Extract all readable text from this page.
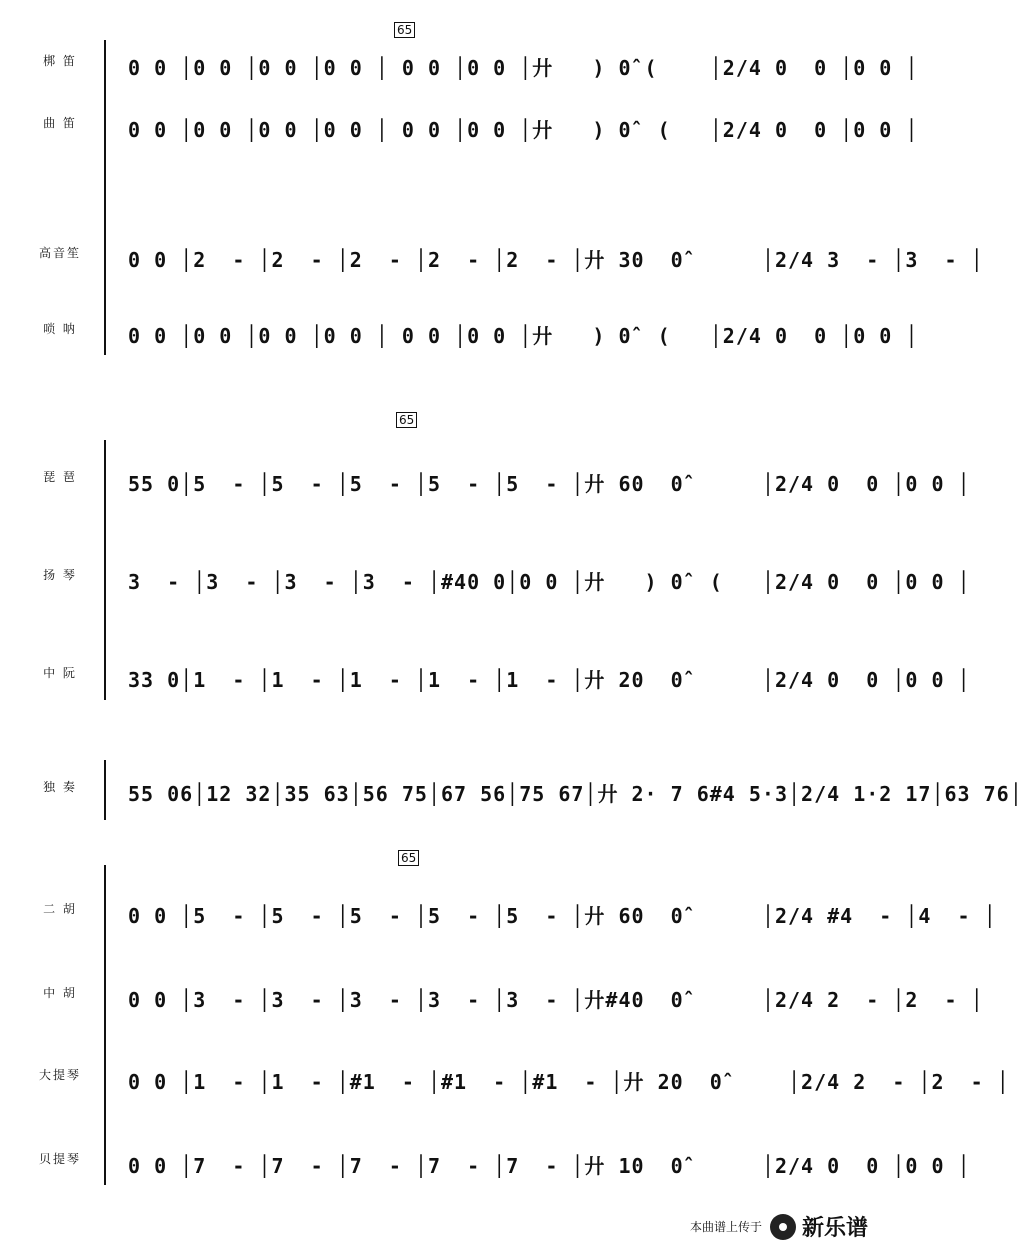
65
65
65
梆 笛	0 0 │0 0 │0 0 │0 0 │ 0 0 │0 0 │廾   ) 0̂ (    │2/4 0  0 │0 0 │
曲 笛	0 0 │0 0 │0 0 │0 0 │ 0 0 │0 0 │廾   ) 0̂  (   │2/4 0  0 │0 0 │
高音笙	0 0 │2  - │2  - │2  - │2  - │2  - │廾 30  0̂      │2/4 3  - │3  - │
唢 呐	0 0 │0 0 │0 0 │0 0 │ 0 0 │0 0 │廾   ) 0̂  (   │2/4 0  0 │0 0 │
琵 琶	55 0│5  - │5  - │5  - │5  - │5  - │廾 60  0̂      │2/4 0  0 │0 0 │
扬 琴	3  - │3  - │3  - │3  - │#40 0│0 0 │廾   ) 0̂  (   │2/4 0  0 │0 0 │
中 阮	33 0│1  - │1  - │1  - │1  - │1  - │廾 20  0̂      │2/4 0  0 │0 0 │
独 奏	55 06│12 32│35 63│56 75│67 56│75 67│廾 2· 7 6#4 5·3│2/4 1·2 17│63 76│
二 胡	0 0 │5  - │5  - │5  - │5  - │5  - │廾 60  0̂      │2/4 #4  - │4  - │
中 胡	0 0 │3  - │3  - │3  - │3  - │3  - │廾#40  0̂      │2/4 2  - │2  - │
大提琴	0 0 │1  - │1  - │#1  - │#1  - │#1  - │廾 20  0̂     │2/4 2  - │2  - │
贝提琴	0 0 │7  - │7  - │7  - │7  - │7  - │廾 10  0̂      │2/4 0  0 │0 0 │
本曲谱上传于 新乐谱
